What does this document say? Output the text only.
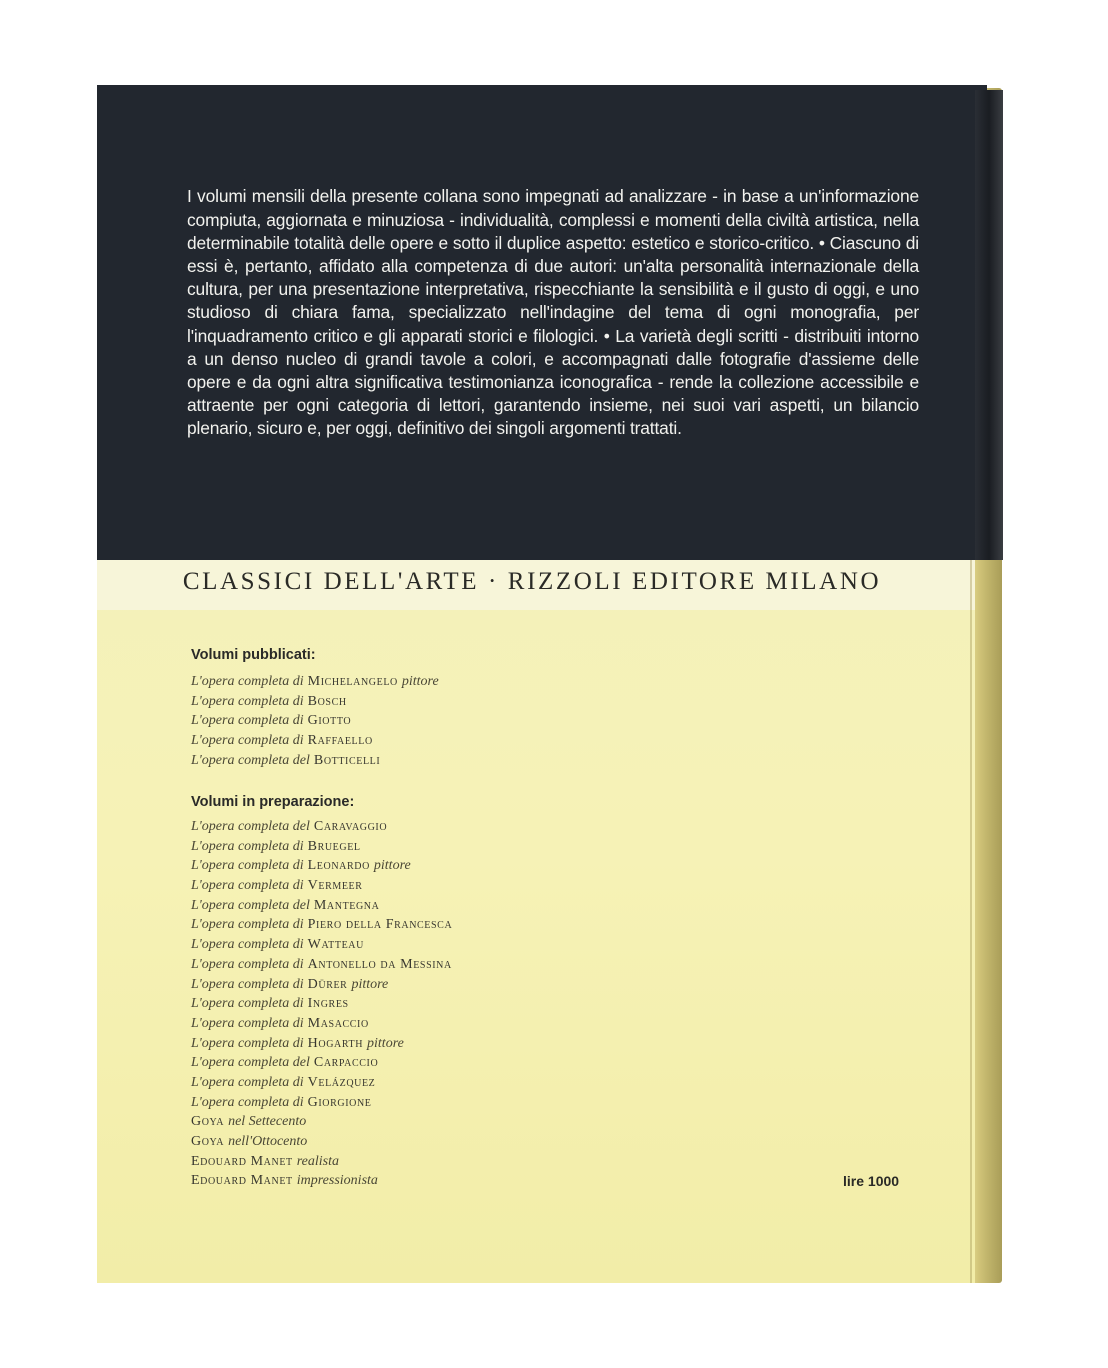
I volumi mensili della presente collana sono impegnati ad analizzare - in base a un'informazione compiuta, aggiornata e minuziosa - individualità, complessi e momenti della civiltà artistica, nella determinabile totalità delle opere e sotto il duplice aspetto: estetico e storico-critico. • Ciascuno di essi è, pertanto, affidato alla competenza di due autori: un'alta personalità internazionale della cultura, per una presentazione interpretativa, rispecchiante la sensibilità e il gusto di oggi, e uno studioso di chiara fama, specializzato nell'indagine del tema di ogni monografia, per l'inquadramento critico e gli apparati storici e filologici. • La varietà degli scritti - distribuiti intorno a un denso nucleo di grandi tavole a colori, e accompagnati dalle fotografie d'assieme delle opere e da ogni altra significativa testimonianza iconografica - rende la collezione accessibile e attraente per ogni categoria di lettori, garantendo insieme, nei suoi vari aspetti, un bilancio plenario, sicuro e, per oggi, definitivo dei singoli argomenti trattati.

CLASSICI DELL'ARTE · RIZZOLI EDITORE MILANO
Volumi pubblicati:
L'opera completa di Michelangelo pittore
L'opera completa di Bosch
L'opera completa di Giotto
L'opera completa di Raffaello
L'opera completa del Botticelli
Volumi in preparazione:
L'opera completa del Caravaggio
L'opera completa di Bruegel
L'opera completa di Leonardo pittore
L'opera completa di Vermeer
L'opera completa del Mantegna
L'opera completa di Piero della Francesca
L'opera completa di Watteau
L'opera completa di Antonello da Messina
L'opera completa di Dürer pittore
L'opera completa di Ingres
L'opera completa di Masaccio
L'opera completa di Hogarth pittore
L'opera completa del Carpaccio
L'opera completa di Velázquez
L'opera completa di Giorgione
Goya nel Settecento
Goya nell'Ottocento
Edouard Manet realista
Edouard Manet impressionista	lire 1000
